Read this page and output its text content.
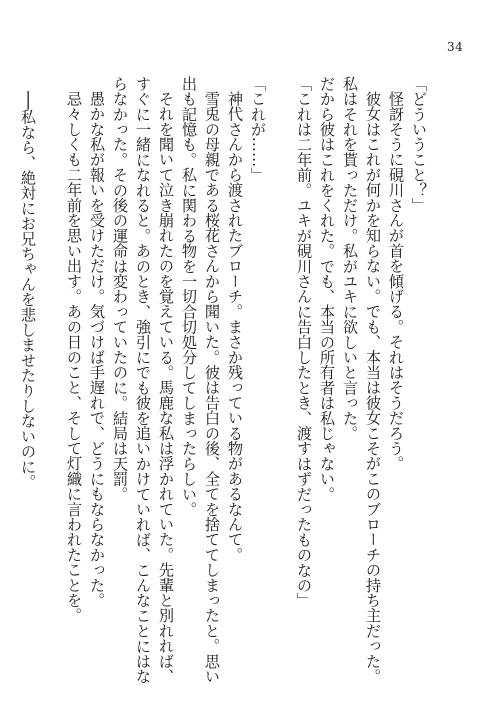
34
「どういうこと？」
怪訝そうに硯川さんが首を傾げる。それはそうだろう。
彼女はこれが何かを知らない。でも、本当は彼女こそがこのブローチの持ち主だった。
私はそれを貰っただけ。私がユキに欲しいと言った。
だから彼はこれをくれた。でも、本当の所有者は私じゃない。
「これは二年前。ユキが硯川さんに告白したとき、渡すはずだったものなの」
「これが……」
神代さんから渡されたブローチ。まさか残っている物があるなんて。
雪兎の母親である桜花さんから聞いた。彼は告白の後、全てを捨ててしまったと。思い
出も記憶も。私に関わる物を一切合切処分してしまったらしい。
それを聞いて泣き崩れたのを覚えている。馬鹿な私は浮かれていた。先輩と別れれば、
すぐに一緒になれると。あのとき、強引にでも彼を追いかけていれば、こんなことにはな
らなかった。その後の運命は変わっていたのに。結局は天罰。
愚かな私が報いを受けただけ。気づけば手遅れで、どうにもならなかった。
忌々しくも二年前を思い出す。あの日のこと、そして灯織に言われたことを。
──私なら、絶対にお兄ちゃんを悲しませたりしないのに。
